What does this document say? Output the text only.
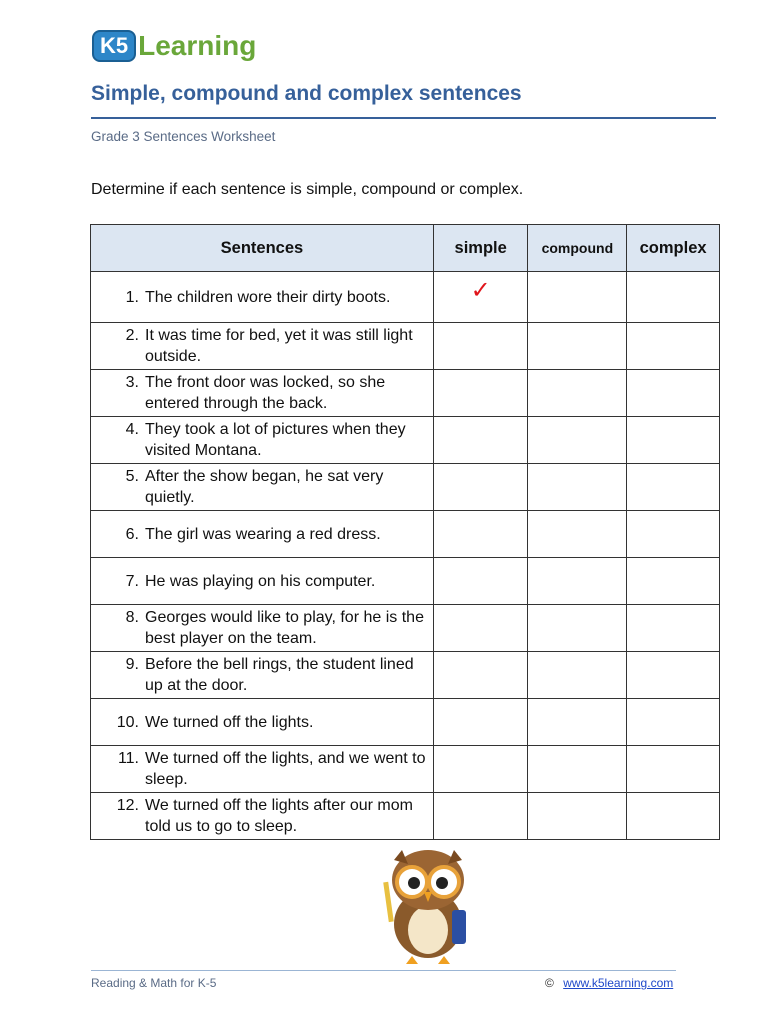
K5 Learning
Simple, compound and complex sentences
Grade 3 Sentences Worksheet
Determine if each sentence is simple, compound or complex.
Sentences	simple	compound	complex

1. The children wore their dirty boots.	✓		

2. It was time for bed, yet it was still light outside.			

3. The front door was locked, so she entered through the back.			

4. They took a lot of pictures when they visited Montana.			

5. After the show began, he sat very quietly.			

6. The girl was wearing a red dress.			

7. He was playing on his computer.			

8. Georges would like to play, for he is the best player on the team.			

9. Before the bell rings, the student lined up at the door.			

10. We turned off the lights.			

11. We turned off the lights, and we went to sleep.			

12. We turned off the lights after our mom told us to go to sleep.			

Reading & Math for K-5	© www.k5learning.com
